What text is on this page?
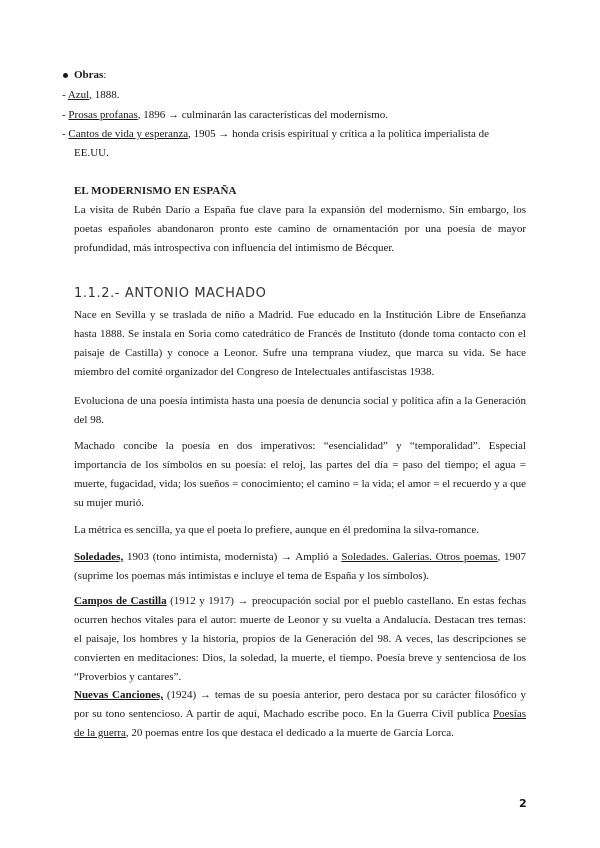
Obras:
- Azul, 1888.
- Prosas profanas, 1896 → culminarán las características del modernismo.
- Cantos de vida y esperanza, 1905 → honda crisis espiritual y crítica a la política imperialista de
EE.UU.
EL MODERNISMO EN ESPAÑA

La visita de Rubén Darío a España fue clave para la expansión del modernismo. Sin embargo, los poetas españoles abandonaron pronto este camino de ornamentación por una poesía de mayor profundidad, más introspectiva con influencia del intimismo de Bécquer.

1.1.2.- ANTONIO MACHADO

Nace en Sevilla y se traslada de niño a Madrid. Fue educado en la Institución Libre de Enseñanza hasta 1888. Se instala en Soria como catedrático de Francés de Instituto (donde toma contacto con el paisaje de Castilla) y conoce a Leonor. Sufre una temprana viudez, que marca su vida. Se hace miembro del comité organizador del Congreso de Intelectuales antifascistas 1938.

Evoluciona de una poesía intimista hasta una poesía de denuncia social y política afín a la Generación del 98.

Machado concibe la poesía en dos imperativos: “esencialidad” y “temporalidad”. Especial importancia de los símbolos en su poesía: el reloj, las partes del día = paso del tiempo; el agua = muerte, fugacidad, vida; los sueños = conocimiento; el camino = la vida; el amor = el recuerdo y a que su mujer murió.

La métrica es sencilla, ya que el poeta lo prefiere, aunque en él predomina la silva-romance.

Soledades, 1903 (tono intimista, modernista) → Amplió a Soledades. Galerías. Otros poemas, 1907 (suprime los poemas más intimistas e incluye el tema de España y los símbolos).

Campos de Castilla (1912 y 1917) → preocupación social por el pueblo castellano. En estas fechas ocurren hechos vitales para el autor: muerte de Leonor y su vuelta a Andalucía. Destacan tres temas: el paisaje, los hombres y la historia, propios de la Generación del 98. A veces, las descripciones se convierten en meditaciones: Dios, la soledad, la muerte, el tiempo. Poesía breve y sentenciosa de los “Proverbios y cantares”.

Nuevas Canciones, (1924) → temas de su poesía anterior, pero destaca por su carácter filosófico y por su tono sentencioso. A partir de aquí, Machado escribe poco. En la Guerra Civil publica Poesías de la guerra, 20 poemas entre los que destaca el dedicado a la muerte de García Lorca.

2
